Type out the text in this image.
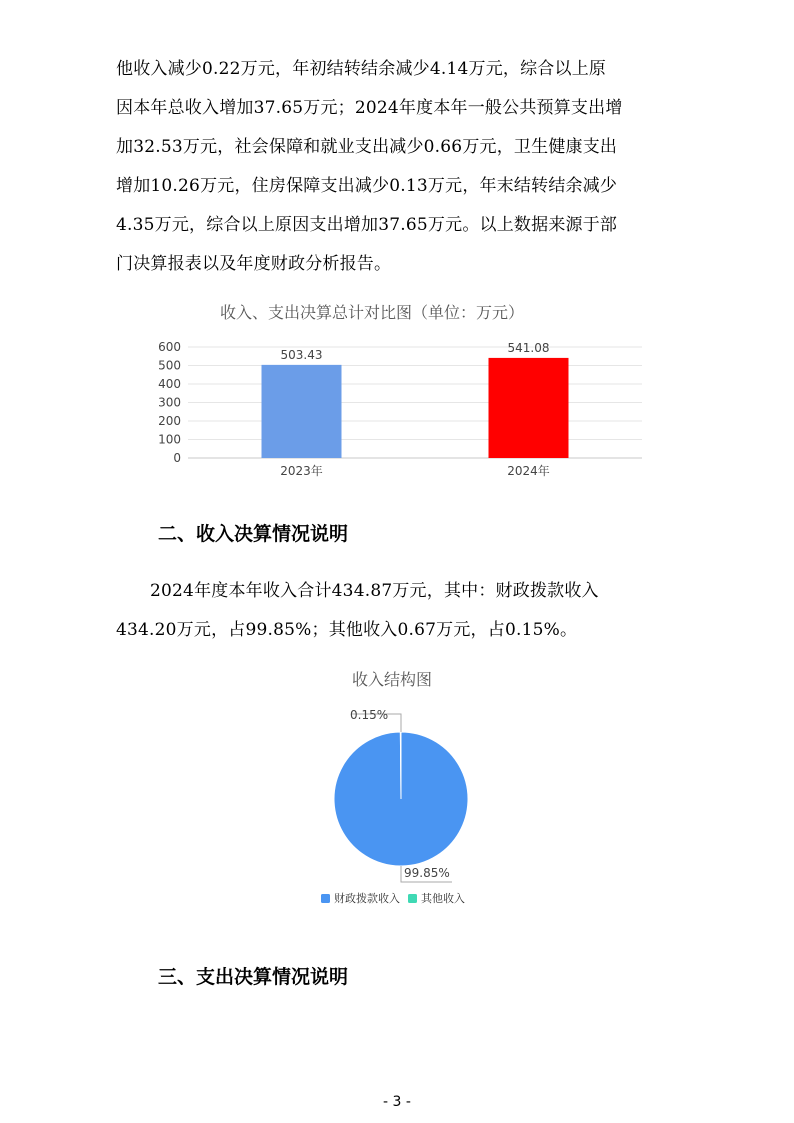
他收入减少0.22万元，年初结转结余减少4.14万元，综合以上原
因本年总收入增加37.65万元；2024年度本年一般公共预算支出增
加32.53万元，社会保障和就业支出减少0.66万元，卫生健康支出
增加10.26万元，住房保障支出减少0.13万元，年末结转结余减少
4.35万元，综合以上原因支出增加37.65万元。以上数据来源于部
门决算报表以及年度财政分析报告。
收入、支出决算总计对比图（单位：万元）
0
100
200
300
400
500
600
503.43	541.08
2023年	2024年
二、收入决算情况说明
2024年度本年收入合计434.87万元，其中：财政拨款收入
434.20万元，占99.85%；其他收入0.67万元，占0.15%。
收入结构图
0.15%
99.85%
财政拨款收入 其他收入
三、支出决算情况说明
- 3 -
